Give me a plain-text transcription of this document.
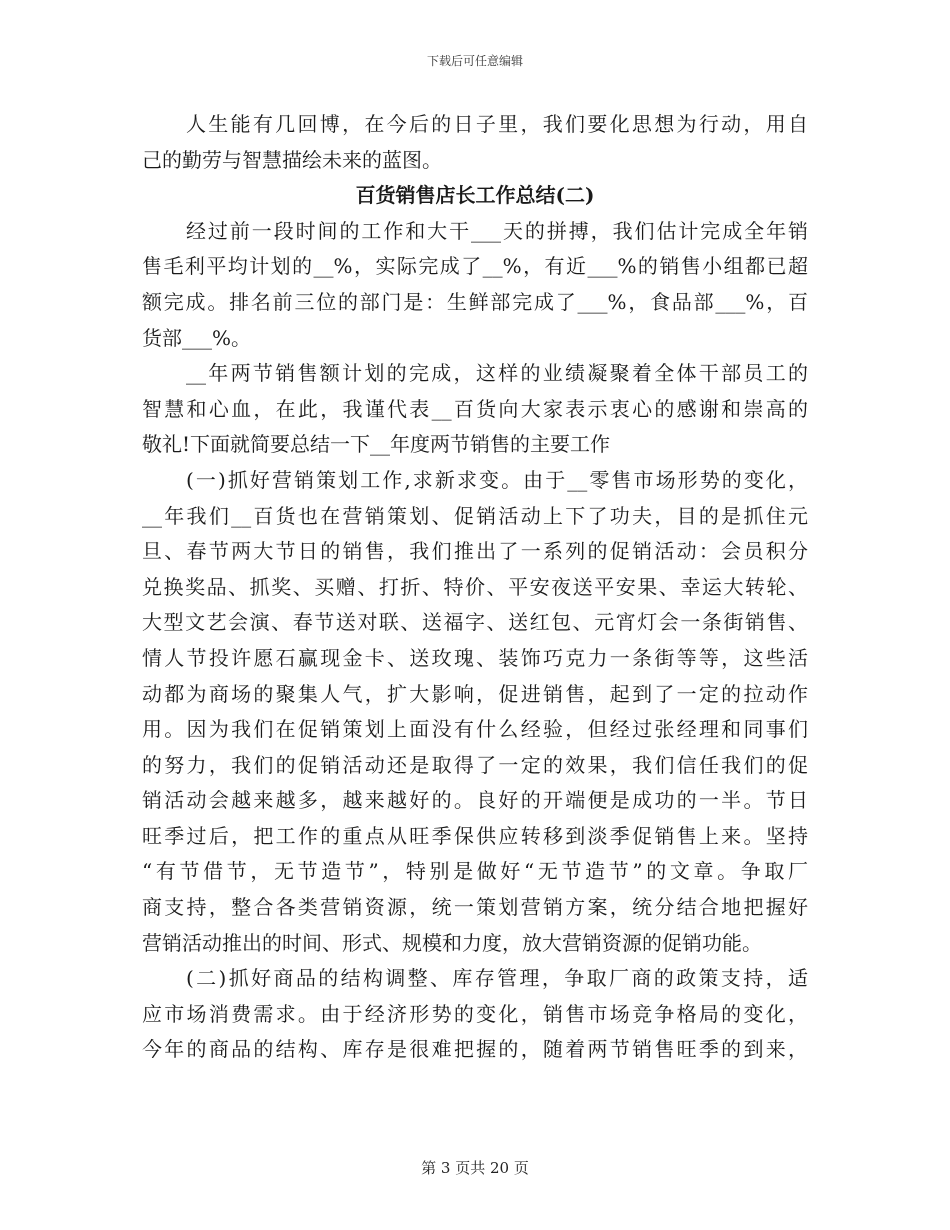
下载后可任意编辑
人生能有几回博，在今后的日子里，我们要化思想为行动，用自
己的勤劳与智慧描绘未来的蓝图。
百货销售店长工作总结(二)
经过前一段时间的工作和大干___天的拼搏，我们估计完成全年销
售毛利平均计划的__%，实际完成了__%，有近___%的销售小组都已超
额完成。排名前三位的部门是：生鲜部完成了___%，食品部___%，百
货部___%。
__年两节销售额计划的完成，这样的业绩凝聚着全体干部员工的
智慧和心血，在此，我谨代表__百货向大家表示衷心的感谢和崇高的
敬礼!下面就简要总结一下__年度两节销售的主要工作
(一)抓好营销策划工作,求新求变。由于__零售市场形势的变化，
__年我们__百货也在营销策划、促销活动上下了功夫，目的是抓住元
旦、春节两大节日的销售，我们推出了一系列的促销活动：会员积分
兑换奖品、抓奖、买赠、打折、特价、平安夜送平安果、幸运大转轮、
大型文艺会演、春节送对联、送福字、送红包、元宵灯会一条街销售、
情人节投许愿石赢现金卡、送玫瑰、装饰巧克力一条街等等，这些活
动都为商场的聚集人气，扩大影响，促进销售，起到了一定的拉动作
用。因为我们在促销策划上面没有什么经验，但经过张经理和同事们
的努力，我们的促销活动还是取得了一定的效果，我们信任我们的促
销活动会越来越多，越来越好的。良好的开端便是成功的一半。节日
旺季过后，把工作的重点从旺季保供应转移到淡季促销售上来。坚持
“有节借节，无节造节”，特别是做好“无节造节”的文章。争取厂
商支持，整合各类营销资源，统一策划营销方案，统分结合地把握好
营销活动推出的时间、形式、规模和力度，放大营销资源的促销功能。
(二)抓好商品的结构调整、库存管理，争取厂商的政策支持，适
应市场消费需求。由于经济形势的变化，销售市场竞争格局的变化，
今年的商品的结构、库存是很难把握的，随着两节销售旺季的到来，
第 3 页共 20 页
